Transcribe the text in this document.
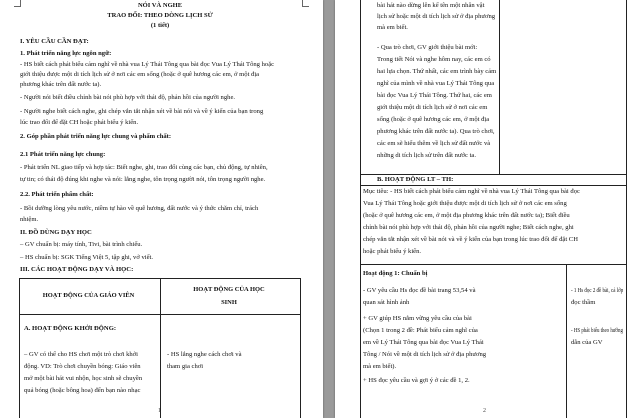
NÓI VÀ NGHE
TRAO ĐỔI: THEO DÒNG LỊCH SỬ
(1 tiết)
I. YÊU CẦU CẦN ĐẠT:
1. Phát triển năng lực ngôn ngữ:
- HS biết cách phát biểu cảm nghĩ về nhà vua Lý Thái Tông qua bài đọc Vua Lý Thái Tông hoặc
giới thiệu được một di tích lịch sử ở nơi các em sống (hoặc ở quê hương các em, ở một địa
phương khác trên đất nước ta).
- Người nói biết điều chỉnh bài nói phù hợp với thái độ, phản hồi của người nghe.
- Người nghe biết cách nghe, ghi chép vắn tắt nhận xét về bài nói và về ý kiến của bạn trong
lúc trao đổi để đặt CH hoặc phát biểu ý kiến.
2. Góp phần phát triển năng lực chung và phẩm chất:
2.1 Phát triển năng lực chung:
- Phát triển NL giao tiếp và hợp tác: Biết nghe, ghi, trao đổi cùng các bạn, chủ động, tự nhiên,
tự tin; có thái độ đúng khi nghe và nói: lắng nghe, tôn trọng người nói, tôn trọng người nghe.
2.2. Phát triển phẩm chất:
- Bồi dưỡng lòng yêu nước, niềm tự hào về quê hương, đất nước và ý thức chăm chỉ, trách
nhiệm.
II. ĐỒ DÙNG DẠY HỌC
– GV chuẩn bị: máy tính, Tivi, bài trình chiếu.
– HS chuẩn bị: SGK Tiếng Việt 5, tập ghi, vở viết.
III. CÁC HOẠT ĐỘNG DẠY VÀ HỌC:
HOẠT ĐỘNG CỦA GIÁO VIÊN
HOẠT ĐỘNG CỦA HỌC
SINH
A. HOẠT ĐỘNG KHỞI ĐỘNG:
– GV có thể cho HS chơi một trò chơi khởi
động. VD: Trò chơi chuyền bóng: Giáo viên
mở một bài hát vui nhộn, học sinh sẽ chuyền
quả bóng (hoặc bông hoa) đến bạn nào nhạc
- HS lắng nghe cách chơi và
tham gia chơi
1
bài hát nào dừng lên kể tên một nhân vật
lịch sử hoặc một di tích lịch sử ở địa phương
mà em biết.
- Qua trò chơi, GV giới thiệu bài mới:
Trong tiết Nói và nghe hôm nay, các em có
hai lựa chọn. Thứ nhất, các em trình bày cảm
nghĩ của mình về nhà vua Lý Thái Tông qua
bài đọc Vua Lý Thái Tông. Thứ hai, các em
giới thiệu một di tích lịch sử ở nơi các em
sống (hoặc ở quê hương các em, ở một địa
phương khác trên đất nước ta). Qua trò chơi,
các em sẽ hiểu thêm về lịch sử đất nước và
những di tích lịch sử trên đất nước ta.
B. HOẠT ĐỘNG LT – TH:
Mục tiêu: - HS biết cách phát biểu cảm nghĩ về nhà vua Lý Thái Tông qua bài đọc
Vua Lý Thái Tông hoặc giới thiệu được một di tích lịch sử ở nơi các em sống
(hoặc ở quê hương các em, ở một địa phương khác trên đất nước ta); Biết điều
chỉnh bài nói phù hợp với thái độ, phản hồi của người nghe; Biết cách nghe, ghi
chép vắn tắt nhận xét về bài nói và về ý kiến của bạn trong lúc trao đổi để đặt CH
hoặc phát biểu ý kiến.
Hoạt động 1: Chuẩn bị
- GV yêu cầu Hs đọc đề bài trang 53,54 và
quan sát hình ảnh
+ GV giúp HS nắm vững yêu cầu của bài
(Chọn 1 trong 2 đề: Phát biểu cảm nghĩ của
em về Lý Thái Tông qua bài đọc Vua Lý Thái
Tông / Nói về một di tích lịch sử ở địa phương
mà em biết).
+ HS đọc yêu cầu và gợi ý ở các đề 1, 2.
- 1 Hs đọc 2 đề bài, cả lớp
đọc thầm
- HS phát biểu theo hướng
dẫn của GV
2
